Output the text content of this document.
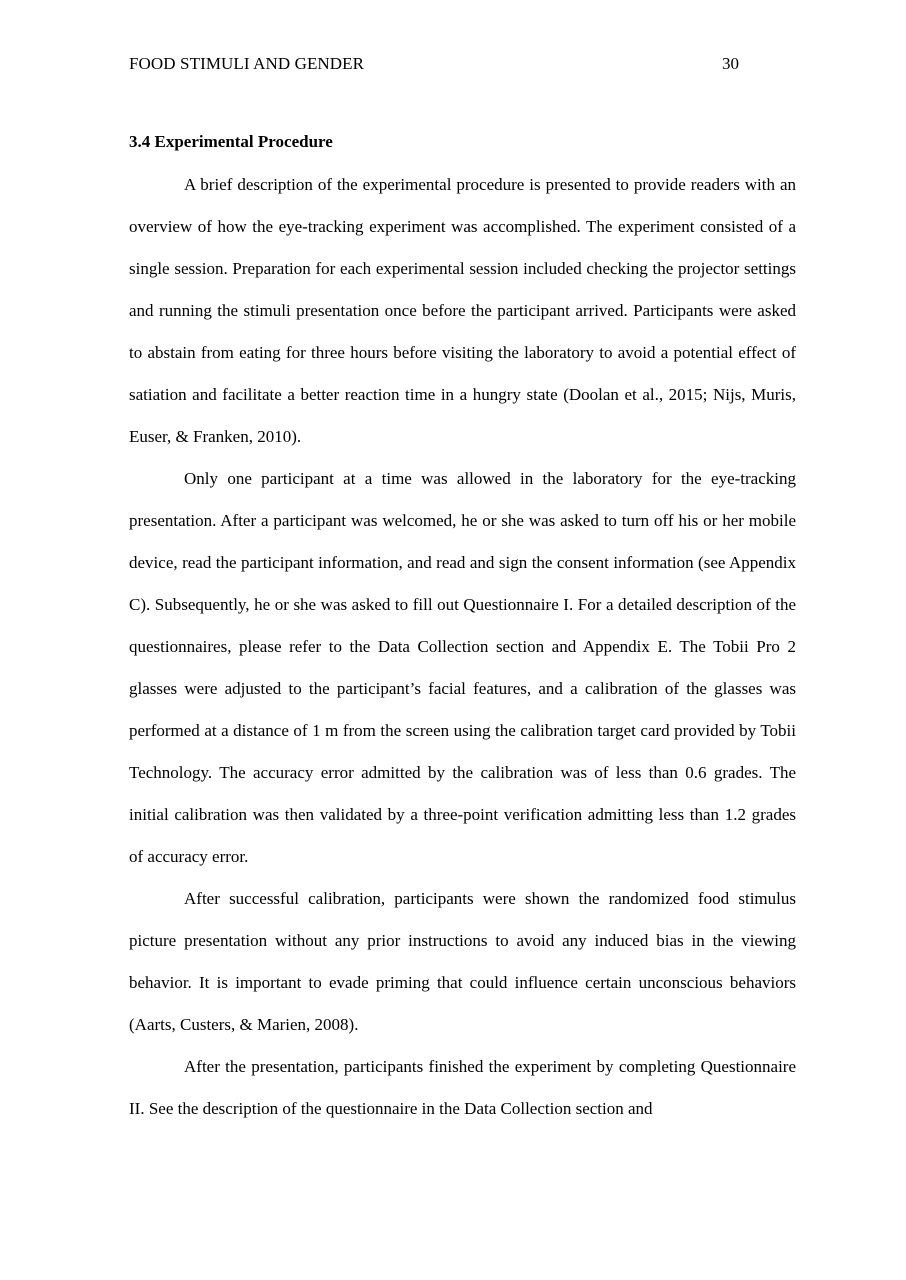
FOOD STIMULI AND GENDER	30
3.4 Experimental Procedure

A brief description of the experimental procedure is presented to provide readers with an overview of how the eye-tracking experiment was accomplished. The experiment consisted of a single session. Preparation for each experimental session included checking the projector settings and running the stimuli presentation once before the participant arrived. Participants were asked to abstain from eating for three hours before visiting the laboratory to avoid a potential effect of satiation and facilitate a better reaction time in a hungry state (Doolan et al., 2015; Nijs, Muris, Euser, & Franken, 2010).

Only one participant at a time was allowed in the laboratory for the eye-tracking presentation. After a participant was welcomed, he or she was asked to turn off his or her mobile device, read the participant information, and read and sign the consent information (see Appendix C). Subsequently, he or she was asked to fill out Questionnaire I. For a detailed description of the questionnaires, please refer to the Data Collection section and Appendix E. The Tobii Pro 2 glasses were adjusted to the participant’s facial features, and a calibration of the glasses was performed at a distance of 1 m from the screen using the calibration target card provided by Tobii Technology. The accuracy error admitted by the calibration was of less than 0.6 grades. The initial calibration was then validated by a three-point verification admitting less than 1.2 grades of accuracy error.

After successful calibration, participants were shown the randomized food stimulus picture presentation without any prior instructions to avoid any induced bias in the viewing behavior. It is important to evade priming that could influence certain unconscious behaviors (Aarts, Custers, & Marien, 2008).

After the presentation, participants finished the experiment by completing Questionnaire II. See the description of the questionnaire in the Data Collection section and
